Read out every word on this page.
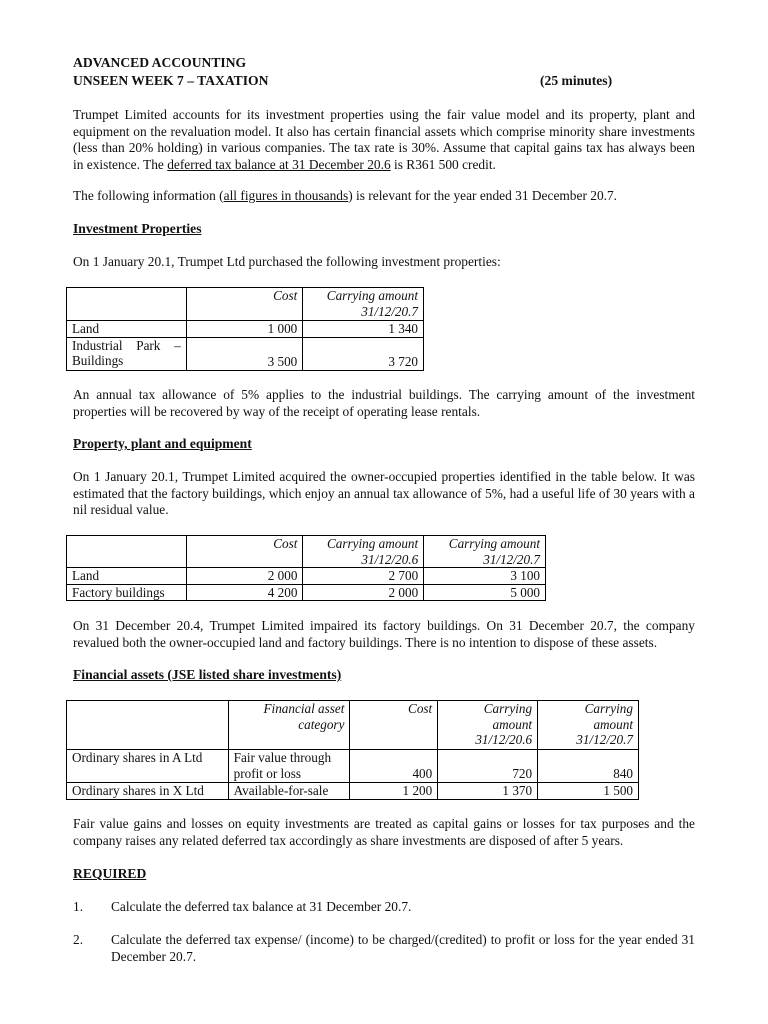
ADVANCED ACCOUNTING
UNSEEN WEEK 7 – TAXATION	(25 minutes)

Trumpet Limited accounts for its investment properties using the fair value model and its property, plant and equipment on the revaluation model. It also has certain financial assets which comprise minority share investments (less than 20% holding) in various companies. The tax rate is 30%. Assume that capital gains tax has always been in existence. The deferred tax balance at 31 December 20.6 is R361 500 credit.

The following information (all figures in thousands) is relevant for the year ended 31 December 20.7.

Investment Properties

On 1 January 20.1, Trumpet Ltd purchased the following investment properties:

	Cost	Carrying amount 31/12/20.7
Land	1 000	1 340
Industrial Park – Buildings	3 500	3 720

An annual tax allowance of 5% applies to the industrial buildings. The carrying amount of the investment properties will be recovered by way of the receipt of operating lease rentals.

Property, plant and equipment

On 1 January 20.1, Trumpet Limited acquired the owner-occupied properties identified in the table below. It was estimated that the factory buildings, which enjoy an annual tax allowance of 5%, had a useful life of 30 years with a nil residual value.

	Cost	Carrying amount 31/12/20.6	Carrying amount 31/12/20.7
Land	2 000	2 700	3 100
Factory buildings	4 200	2 000	5 000

On 31 December 20.4, Trumpet Limited impaired its factory buildings. On 31 December 20.7, the company revalued both the owner-occupied land and factory buildings. There is no intention to dispose of these assets.

Financial assets (JSE listed share investments)
	Financial asset category	Cost	Carrying amount 31/12/20.6	Carrying amount 31/12/20.7
Ordinary shares in A Ltd	Fair value through profit or loss	400	720	840
Ordinary shares in X Ltd	Available-for-sale	1 200	1 370	1 500

Fair value gains and losses on equity investments are treated as capital gains or losses for tax purposes and the company raises any related deferred tax accordingly as share investments are disposed of after 5 years.

REQUIRED
1. Calculate the deferred tax balance at 31 December 20.7.
2. Calculate the deferred tax expense/ (income) to be charged/(credited) to profit or loss for the year ended 31 December 20.7.
